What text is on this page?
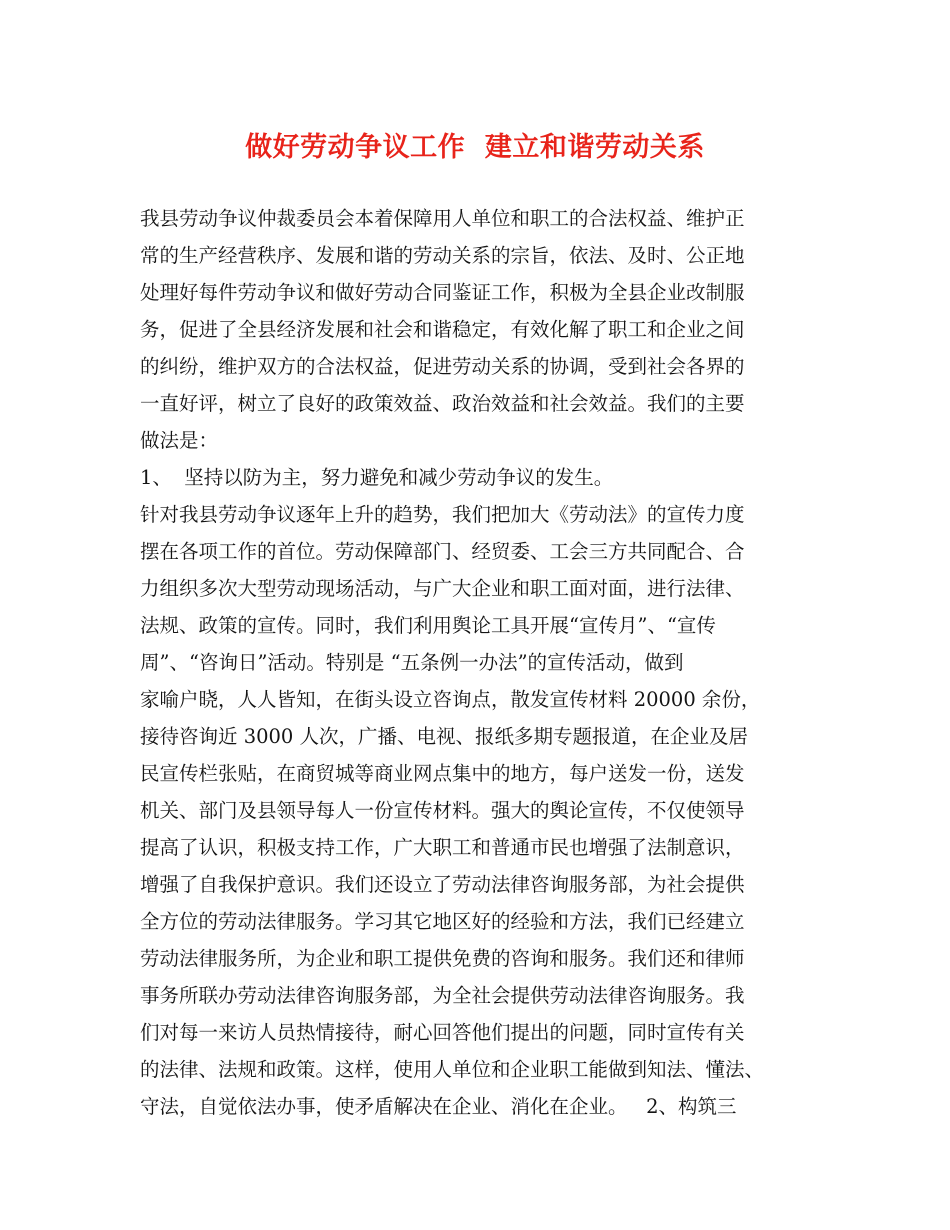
做好劳动争议工作  建立和谐劳动关系
我县劳动争议仲裁委员会本着保障用人单位和职工的合法权益、维护正
常的生产经营秩序、发展和谐的劳动关系的宗旨，依法、及时、公正地
处理好每件劳动争议和做好劳动合同鉴证工作，积极为全县企业改制服
务，促进了全县经济发展和社会和谐稳定，有效化解了职工和企业之间
的纠纷，维护双方的合法权益，促进劳动关系的协调，受到社会各界的
一直好评，树立了良好的政策效益、政治效益和社会效益。我们的主要
做法是：
1、  坚持以防为主，努力避免和减少劳动争议的发生。
针对我县劳动争议逐年上升的趋势，我们把加大《劳动法》的宣传力度
摆在各项工作的首位。劳动保障部门、经贸委、工会三方共同配合、合
力组织多次大型劳动现场活动，与广大企业和职工面对面，进行法律、
法规、政策的宣传。同时，我们利用舆论工具开展“宣传月”、“宣传
周”、“咨询日”活动。特别是 “五条例一办法”的宣传活动，做到
家喻户晓，人人皆知，在街头设立咨询点，散发宣传材料 20000 余份，
接待咨询近 3000 人次，广播、电视、报纸多期专题报道，在企业及居
民宣传栏张贴，在商贸城等商业网点集中的地方，每户送发一份，送发
机关、部门及县领导每人一份宣传材料。强大的舆论宣传，不仅使领导
提高了认识，积极支持工作，广大职工和普通市民也增强了法制意识，
增强了自我保护意识。我们还设立了劳动法律咨询服务部，为社会提供
全方位的劳动法律服务。学习其它地区好的经验和方法，我们已经建立
劳动法律服务所，为企业和职工提供免费的咨询和服务。我们还和律师
事务所联办劳动法律咨询服务部，为全社会提供劳动法律咨询服务。我
们对每一来访人员热情接待，耐心回答他们提出的问题，同时宣传有关
的法律、法规和政策。这样，使用人单位和企业职工能做到知法、懂法、
守法，自觉依法办事，使矛盾解决在企业、消化在企业。   2、构筑三
